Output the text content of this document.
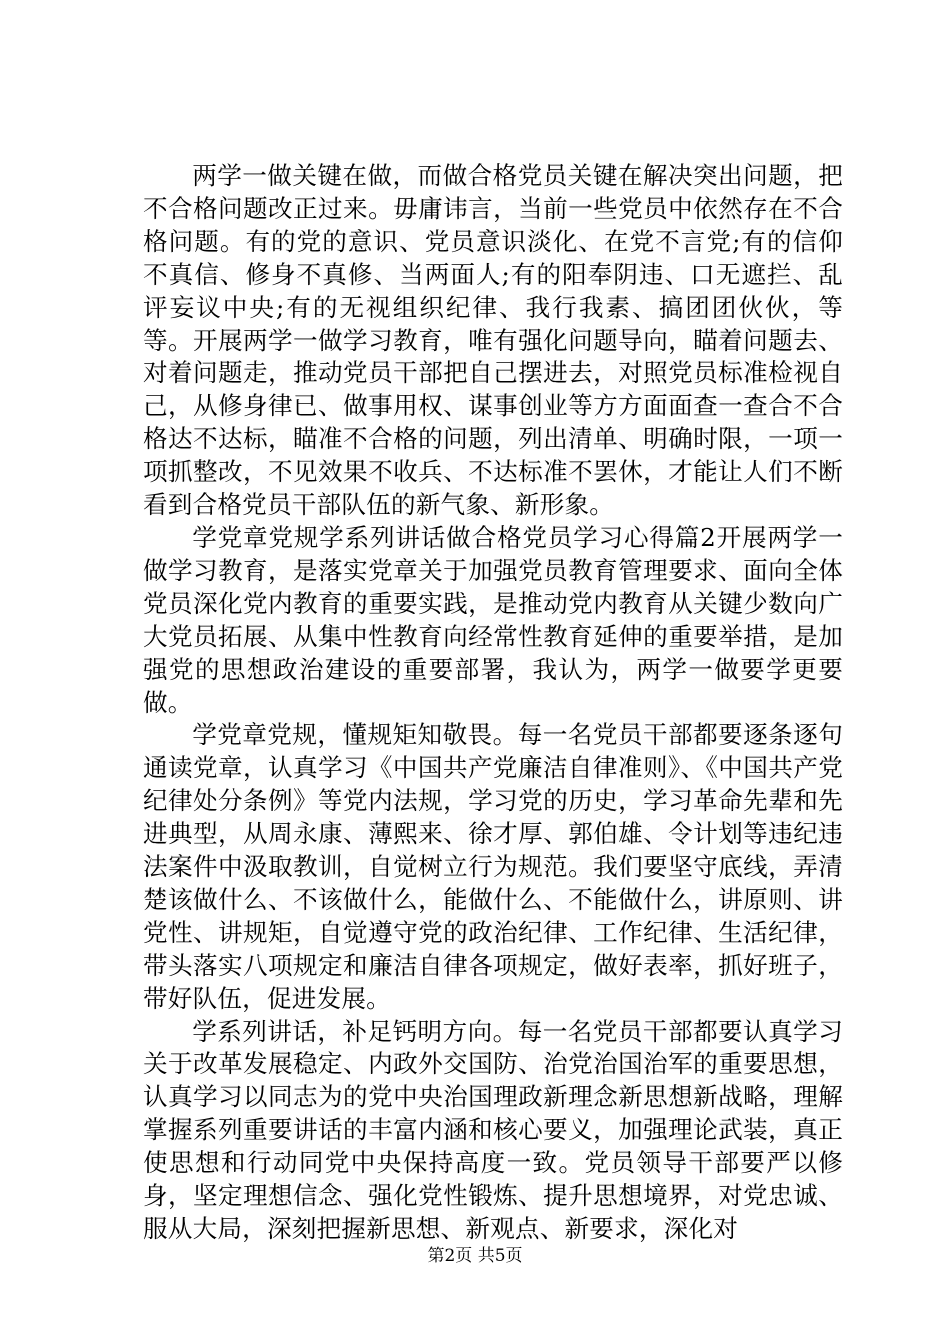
两学一做关键在做，而做合格党员关键在解决突出问题，把不合格问题改正过来。毋庸讳言，当前一些党员中依然存在不合格问题。有的党的意识、党员意识淡化、在党不言党;有的信仰不真信、修身不真修、当两面人;有的阳奉阴违、口无遮拦、乱评妄议中央;有的无视组织纪律、我行我素、搞团团伙伙，等等。开展两学一做学习教育，唯有强化问题导向，瞄着问题去、对着问题走，推动党员干部把自己摆进去，对照党员标准检视自己，从修身律已、做事用权、谋事创业等方方面面查一查合不合格达不达标，瞄准不合格的问题，列出清单、明确时限，一项一项抓整改，不见效果不收兵、不达标准不罢休，才能让人们不断看到合格党员干部队伍的新气象、新形象。

学党章党规学系列讲话做合格党员学习心得篇2开展两学一做学习教育，是落实党章关于加强党员教育管理要求、面向全体党员深化党内教育的重要实践，是推动党内教育从关键少数向广大党员拓展、从集中性教育向经常性教育延伸的重要举措，是加强党的思想政治建设的重要部署，我认为，两学一做要学更要做。

学党章党规，懂规矩知敬畏。每一名党员干部都要逐条逐句通读党章，认真学习《中国共产党廉洁自律准则》、《中国共产党纪律处分条例》等党内法规，学习党的历史，学习革命先辈和先进典型，从周永康、薄熙来、徐才厚、郭伯雄、令计划等违纪违法案件中汲取教训，自觉树立行为规范。我们要坚守底线，弄清楚该做什么、不该做什么，能做什么、不能做什么，讲原则、讲党性、讲规矩，自觉遵守党的政治纪律、工作纪律、生活纪律，带头落实八项规定和廉洁自律各项规定，做好表率，抓好班子，带好队伍，促进发展。

学系列讲话，补足钙明方向。每一名党员干部都要认真学习关于改革发展稳定、内政外交国防、治党治国治军的重要思想，认真学习以同志为的党中央治国理政新理念新思想新战略，理解掌握系列重要讲话的丰富内涵和核心要义，加强理论武装，真正使思想和行动同党中央保持高度一致。党员领导干部要严以修身，坚定理想信念、强化党性锻炼、提升思想境界，对党忠诚、服从大局，深刻把握新思想、新观点、新要求，深化对

第2页 共5页
